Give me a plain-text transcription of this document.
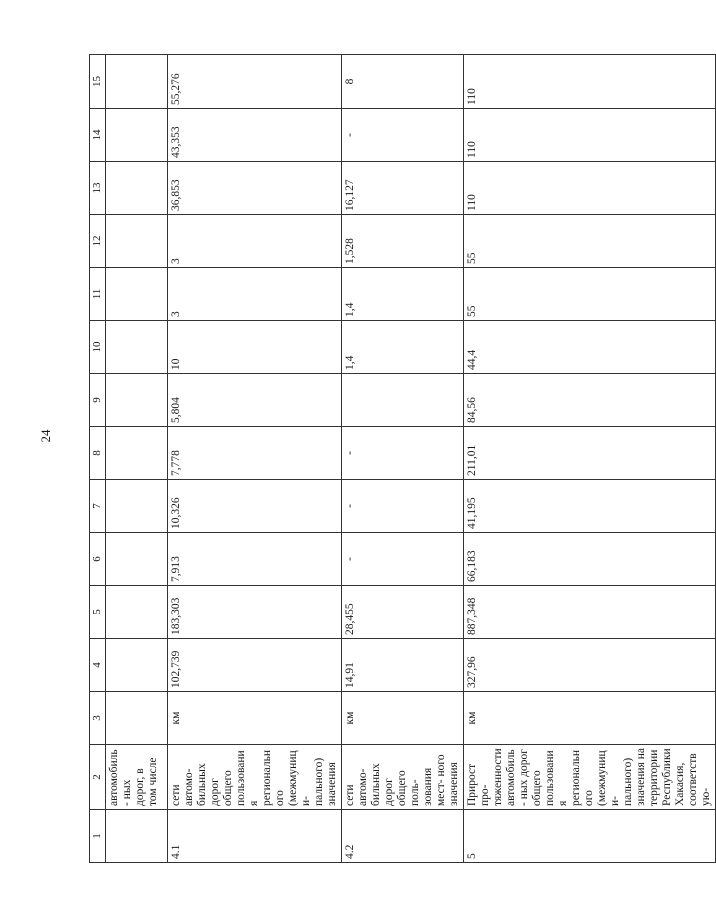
24
1	2	3	4	5	6	7	8	9	10	11	12	13	14	15
	автомобиль- ных дорог, в том числе													
4.1	сети автомо- бильных дорог общего пользования регионального (межмуници- пального) значения	км	102,739	183,303	7,913	10,326	7,778	5,804	10	3	3	36,853	43,353	55,276
4.2	сети автомо- бильных дорог общего поль- зования мест- ного значения	км	14,91	28,455	-	-	-		1,4	1,4	1,528	16,127	-	8
5	Прирост про- тяженности автомобиль- ных дорог общего пользования регионального (межмуници- пального) значения на территории Республики Хакасия, соответствую-	км	327,96	887,348	66,183	41,195	211,01	84,56	44,4	55	55	110	110	110
